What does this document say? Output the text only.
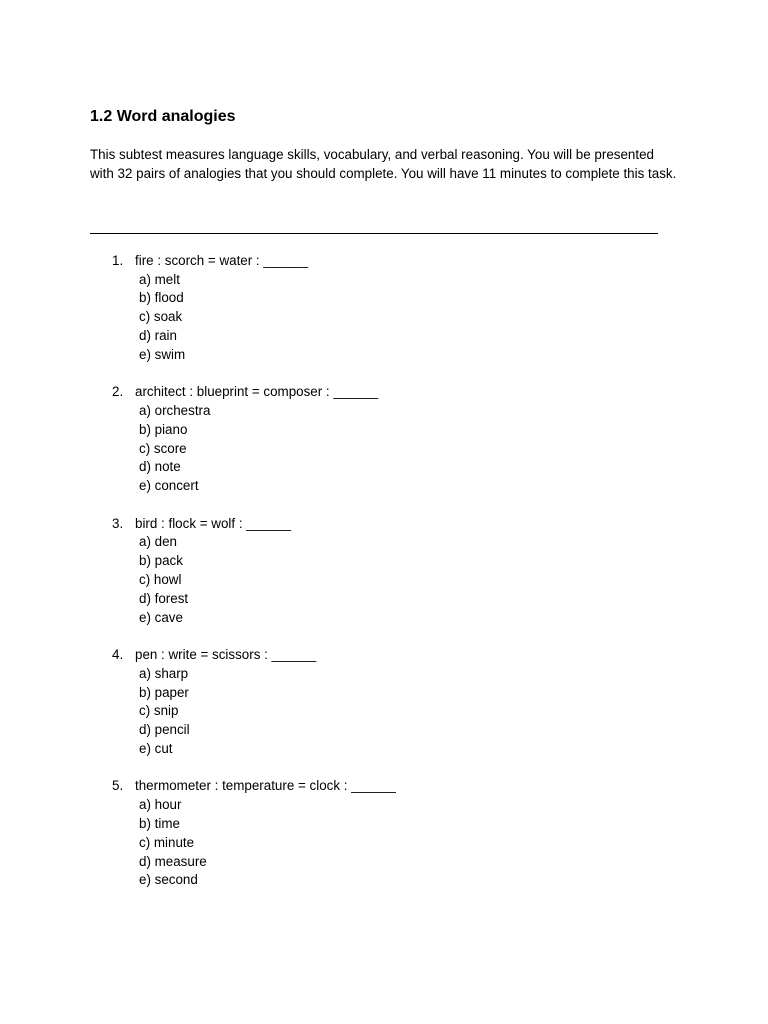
1.2 Word analogies
This subtest measures language skills, vocabulary, and verbal reasoning. You will be presented with 32 pairs of analogies that you should complete. You will have 11 minutes to complete this task.
1. fire : scorch = water : ______
a) melt
b) flood
c) soak
d) rain
e) swim
2. architect : blueprint = composer : ______
a) orchestra
b) piano
c) score
d) note
e) concert
3. bird : flock = wolf : ______
a) den
b) pack
c) howl
d) forest
e) cave
4. pen : write = scissors : ______
a) sharp
b) paper
c) snip
d) pencil
e) cut
5. thermometer : temperature = clock : ______
a) hour
b) time
c) minute
d) measure
e) second
